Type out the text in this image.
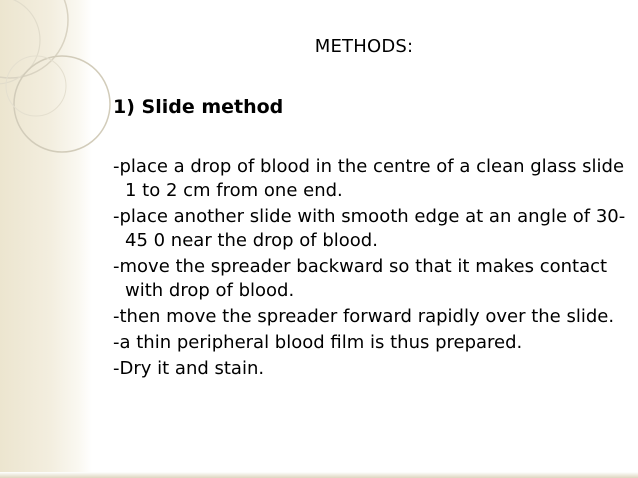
METHODS:
1) Slide method
-place a drop of blood in the centre of a clean glass slide 1 to 2 cm from one end.
-place another slide with smooth edge at an angle of 30-45 0 near the drop of blood.
-move the spreader backward so that it makes contact with drop of blood.
-then move the spreader forward rapidly over the slide.
-a thin peripheral blood film is thus prepared.
-Dry it and stain.
